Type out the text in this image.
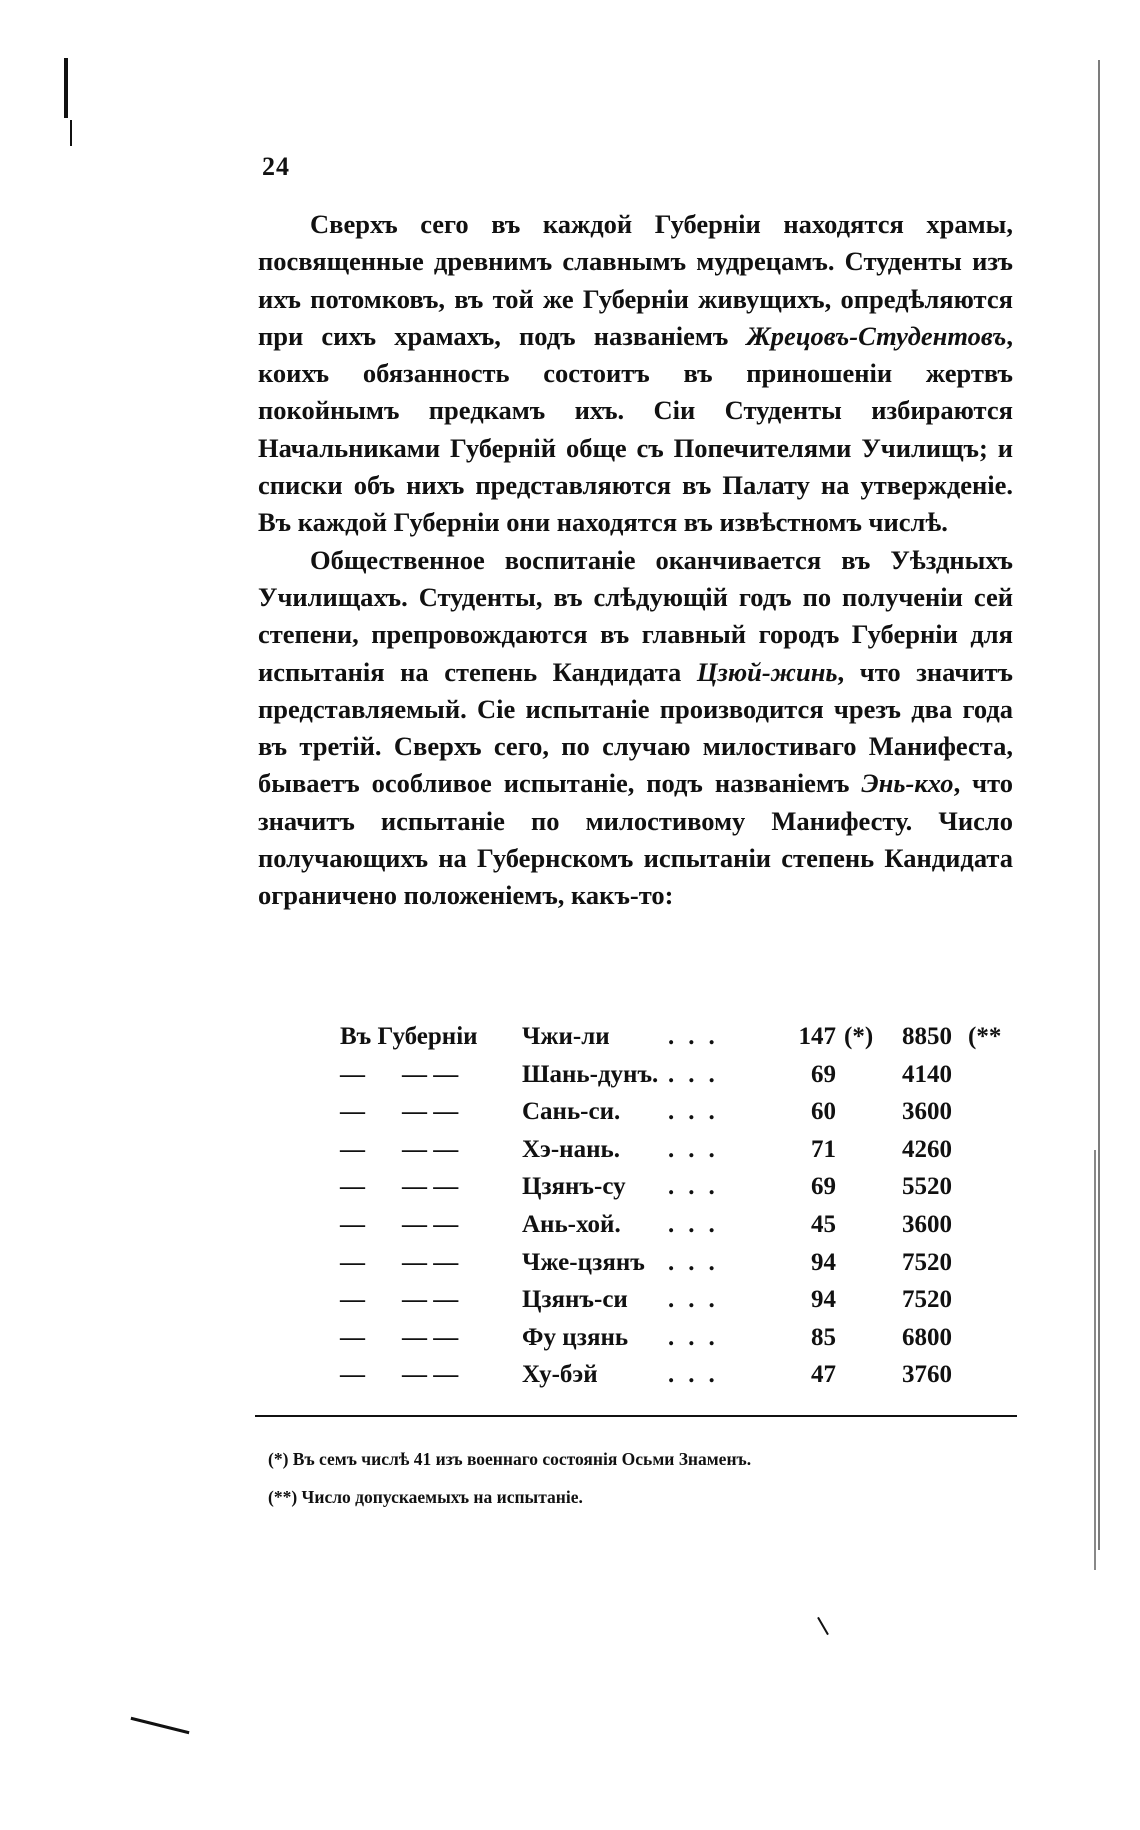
24

Сверхъ сего въ каждой Губерніи находятся храмы, посвященные древнимъ славнымъ мудрецамъ. Студенты изъ ихъ потомковъ, въ той же Губерніи живущихъ, опредѣляются при сихъ храмахъ, подъ названіемъ Жрецовъ-Студентовъ, коихъ обязанность состоитъ въ приношеніи жертвъ покойнымъ предкамъ ихъ. Сіи Студенты избираются Начальниками Губерній обще съ Попечителями Училищъ; и списки объ нихъ представляются въ Палату на утвержденіе. Въ каждой Губерніи они находятся въ извѣстномъ числѣ.

Общественное воспитаніе оканчивается въ Уѣздныхъ Училищахъ. Студенты, въ слѣдующій годъ по полученіи сей степени, препровождаются въ главный городъ Губерніи для испытанія на степень Кандидата Цзюй-жинь, что значитъ представляемый. Сіе испытаніе производится чрезъ два года въ третій. Сверхъ сего, по случаю милостиваго Манифеста, бываетъ особливое испытаніе, подъ названіемъ Энь-кхо, что значитъ испытаніе по милостивому Манифесту. Число получающихъ на Губернскомъ испытаніи степень Кандидата ограничено положеніемъ, какъ-то:

Въ Губерніи Чжи-ли ...	147 (*)	8850 (**
— — —	Шань-дунъ. ...	69	4140
— — —	Сань-си. ...	60	3600
— — —	Хэ-нань. ...	71	4260
— — —	Цзянъ-су ...	69	5520
— — —	Ань-хой. ...	45	3600
— — —	Чже-цзянъ ...	94	7520
— — —	Цзянъ-си ...	94	7520
— — —	Фу цзянь ...	85	6800
— — —	Ху-бэй	...	47	3760
(*) Въ семъ числѣ 41 изъ военнаго состоянія Осьми Знаменъ.
(**) Число допускаемыхъ на испытаніе.
